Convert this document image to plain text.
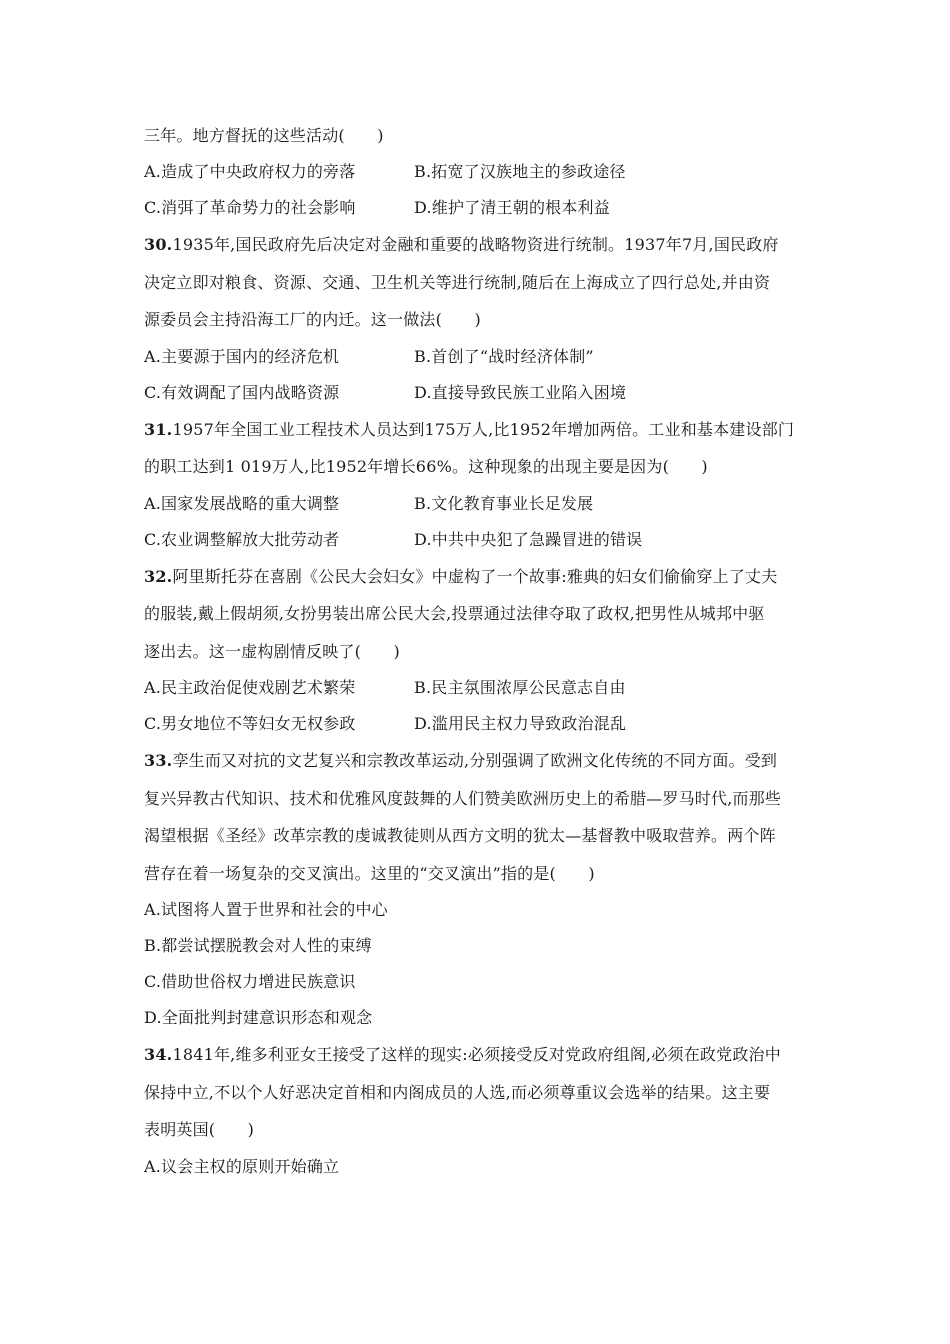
三年。地方督抚的这些活动(　　)
A.造成了中央政府权力的旁落	B.拓宽了汉族地主的参政途径
C.消弭了革命势力的社会影响	D.维护了清王朝的根本利益
30.1935年,国民政府先后决定对金融和重要的战略物资进行统制。1937年7月,国民政府
决定立即对粮食、资源、交通、卫生机关等进行统制,随后在上海成立了四行总处,并由资
源委员会主持沿海工厂的内迁。这一做法(　　)
A.主要源于国内的经济危机	B.首创了“战时经济体制”
C.有效调配了国内战略资源	D.直接导致民族工业陷入困境
31.1957年全国工业工程技术人员达到175万人,比1952年增加两倍。工业和基本建设部门
的职工达到1 019万人,比1952年增长66%。这种现象的出现主要是因为(　　)
A.国家发展战略的重大调整	B.文化教育事业长足发展
C.农业调整解放大批劳动者	D.中共中央犯了急躁冒进的错误
32.阿里斯托芬在喜剧《公民大会妇女》中虚构了一个故事:雅典的妇女们偷偷穿上了丈夫
的服装,戴上假胡须,女扮男装出席公民大会,投票通过法律夺取了政权,把男性从城邦中驱
逐出去。这一虚构剧情反映了(　　)
A.民主政治促使戏剧艺术繁荣	B.民主氛围浓厚公民意志自由
C.男女地位不等妇女无权参政	D.滥用民主权力导致政治混乱
33.孪生而又对抗的文艺复兴和宗教改革运动,分别强调了欧洲文化传统的不同方面。受到
复兴异教古代知识、技术和优雅风度鼓舞的人们赞美欧洲历史上的希腊—罗马时代,而那些
渴望根据《圣经》改革宗教的虔诚教徒则从西方文明的犹太—基督教中吸取营养。两个阵
营存在着一场复杂的交叉演出。这里的“交叉演出”指的是(　　)
A.试图将人置于世界和社会的中心
B.都尝试摆脱教会对人性的束缚
C.借助世俗权力增进民族意识
D.全面批判封建意识形态和观念
34.1841年,维多利亚女王接受了这样的现实:必须接受反对党政府组阁,必须在政党政治中
保持中立,不以个人好恶决定首相和内阁成员的人选,而必须尊重议会选举的结果。这主要
表明英国(　　)
A.议会主权的原则开始确立
